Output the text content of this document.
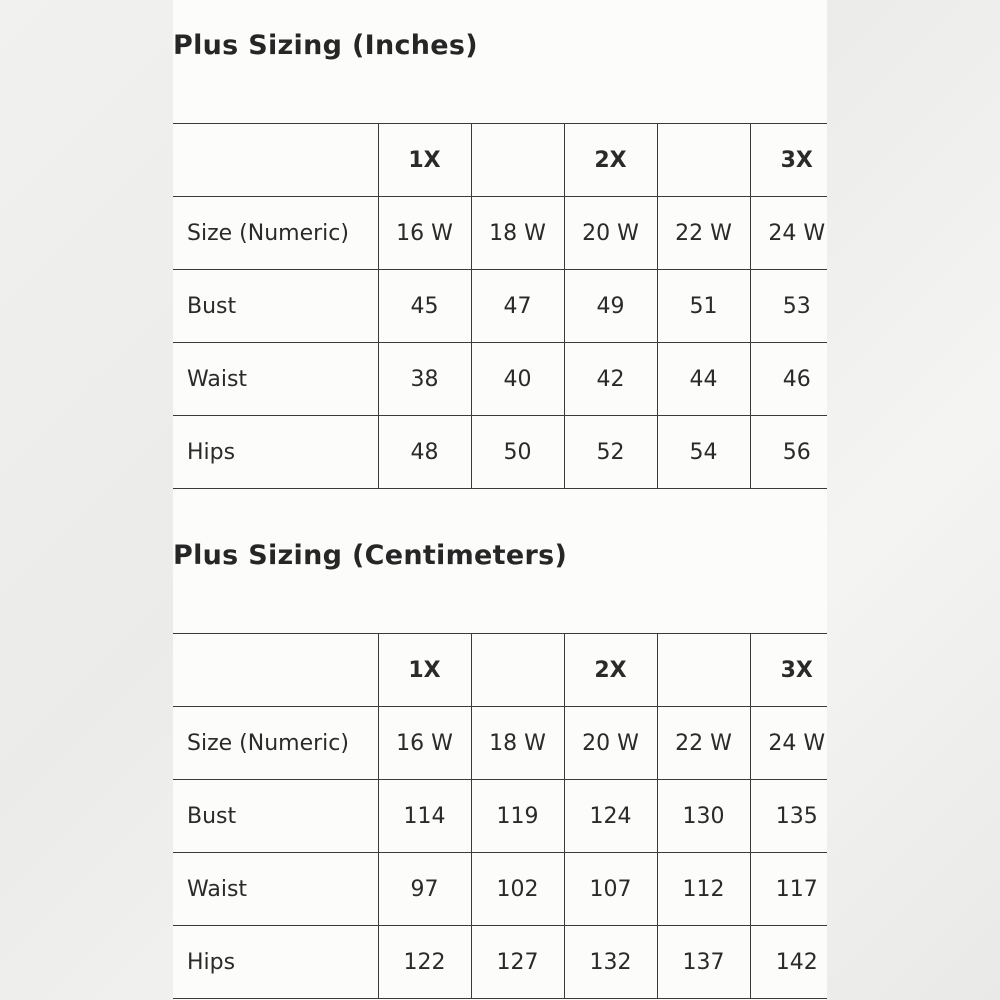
Plus Sizing (Inches)
	1X		2X		3X
Size (Numeric)	16 W	18 W	20 W	22 W	24 W
Bust	45	47	49	51	53
Waist	38	40	42	44	46
Hips	48	50	52	54	56
Plus Sizing (Centimeters)
	1X		2X		3X
Size (Numeric)	16 W	18 W	20 W	22 W	24 W
Bust	114	119	124	130	135
Waist	97	102	107	112	117
Hips	122	127	132	137	142
